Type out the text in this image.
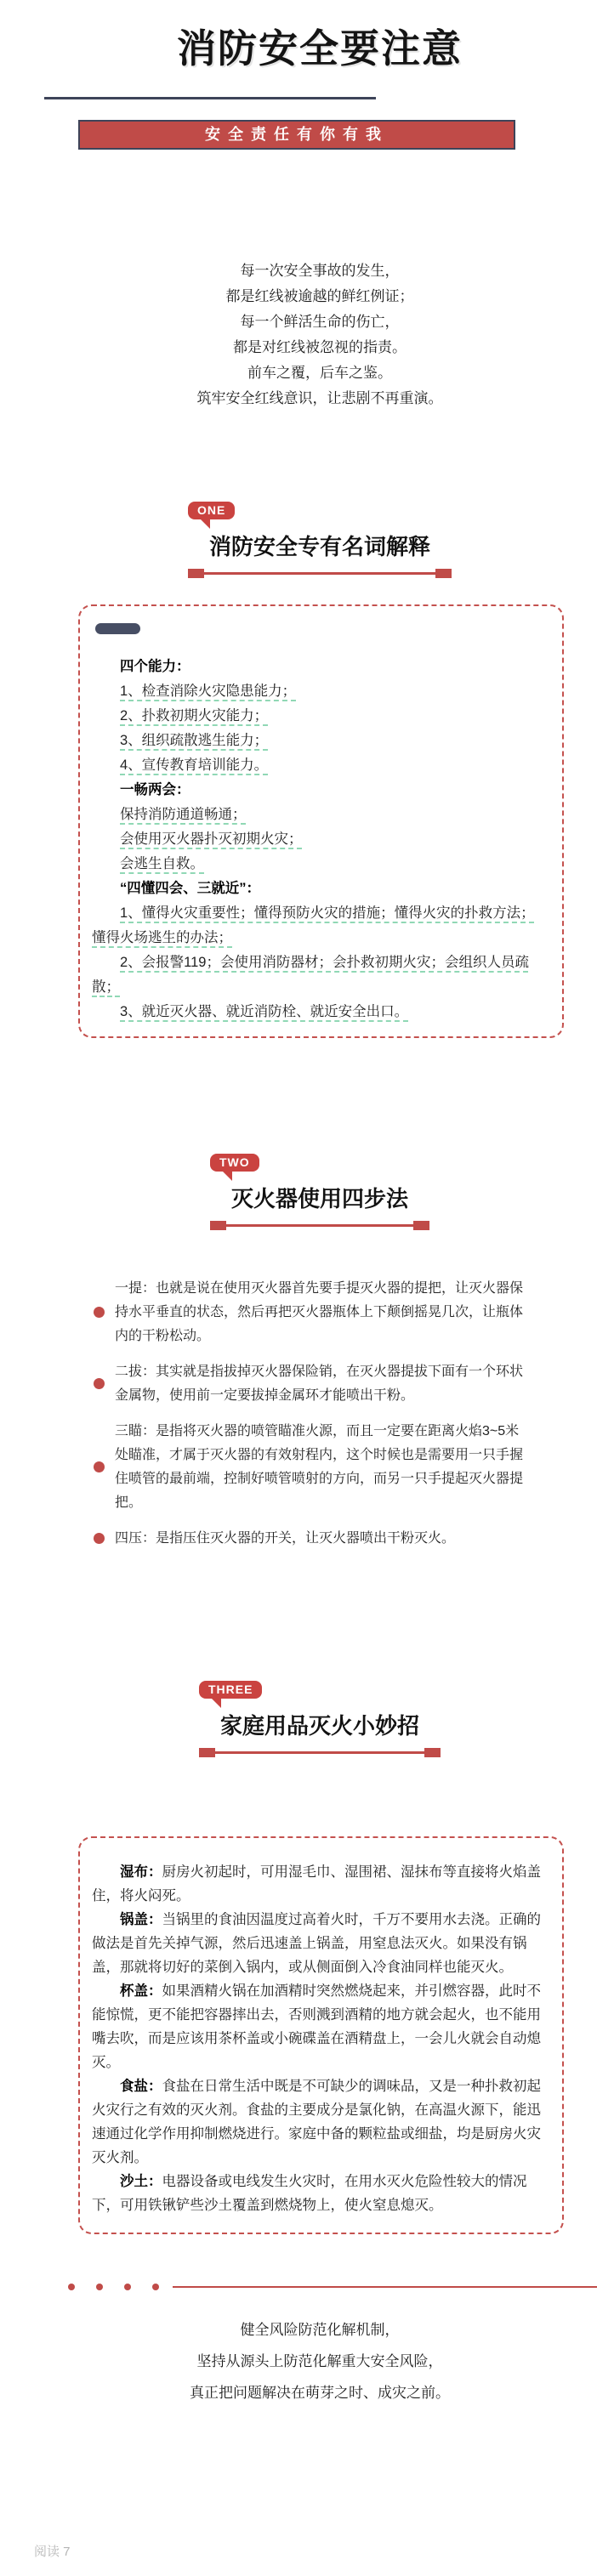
消防安全要注意
安全责任有你有我
每一次安全事故的发生，
都是红线被逾越的鲜红例证；
每一个鲜活生命的伤亡，
都是对红线被忽视的指责。
前车之覆，后车之鉴。
筑牢安全红线意识，让悲剧不再重演。
ONE
消防安全专有名词解释

四个能力：

1、检查消除火灾隐患能力；

2、扑救初期火灾能力；

3、组织疏散逃生能力；

4、宣传教育培训能力。

一畅两会：

保持消防通道畅通；

会使用灭火器扑灭初期火灾；

会逃生自救。

“四懂四会、三就近”：

1、懂得火灾重要性；懂得预防火灾的措施；懂得火灾的扑救方法；懂得火场逃生的办法；

2、会报警119；会使用消防器材；会扑救初期火灾；会组织人员疏散；

3、就近灭火器、就近消防栓、就近安全出口。

TWO
灭火器使用四步法

一提：也就是说在使用灭火器首先要手提灭火器的提把，让灭火器保持水平垂直的状态，然后再把灭火器瓶体上下颠倒摇晃几次，让瓶体内的干粉松动。

二拔：其实就是指拔掉灭火器保险销，在灭火器提拔下面有一个环状金属物，使用前一定要拔掉金属环才能喷出干粉。

三瞄：是指将灭火器的喷管瞄准火源，而且一定要在距离火焰3~5米处瞄准，才属于灭火器的有效射程内，这个时候也是需要用一只手握住喷管的最前端，控制好喷管喷射的方向，而另一只手提起灭火器提把。

四压：是指压住灭火器的开关，让灭火器喷出干粉灭火。

THREE
家庭用品灭火小妙招

湿布：厨房火初起时，可用湿毛巾、湿围裙、湿抹布等直接将火焰盖住，将火闷死。

锅盖：当锅里的食油因温度过高着火时，千万不要用水去浇。正确的做法是首先关掉气源，然后迅速盖上锅盖，用窒息法灭火。如果没有锅盖，那就将切好的菜倒入锅内，或从侧面倒入冷食油同样也能灭火。

杯盖：如果酒精火锅在加酒精时突然燃烧起来，并引燃容器，此时不能惊慌，更不能把容器摔出去，否则溅到酒精的地方就会起火，也不能用嘴去吹，而是应该用茶杯盖或小碗碟盖在酒精盘上，一会儿火就会自动熄灭。

食盐：食盐在日常生活中既是不可缺少的调味品，又是一种扑救初起火灾行之有效的灭火剂。食盐的主要成分是氯化钠，在高温火源下，能迅速通过化学作用抑制燃烧进行。家庭中备的颗粒盐或细盐，均是厨房火灾灭火剂。

沙土：电器设备或电线发生火灾时，在用水灭火危险性较大的情况下，可用铁锹铲些沙土覆盖到燃烧物上，使火窒息熄灭。

健全风险防范化解机制，
坚持从源头上防范化解重大安全风险，
真正把问题解决在萌芽之时、成灾之前。
阅读 7
